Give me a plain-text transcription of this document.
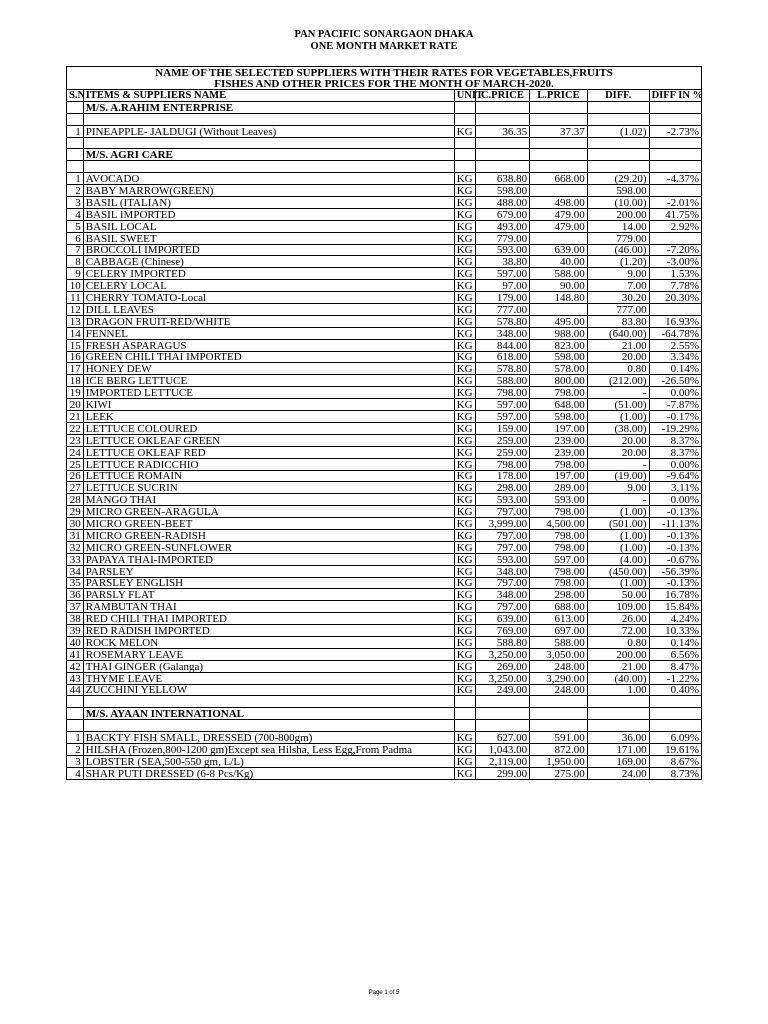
PAN PACIFIC SONARGAON DHAKA
ONE MONTH MARKET RATE
NAME OF THE SELECTED SUPPLIERS WITH THEIR RATES FOR VEGETABLES,FRUITS						
FISHES AND OTHER PRICES FOR THE MONTH OF MARCH-2020.						
S.N	ITEMS & SUPPLIERS NAME	UNIT	C.PRICE	L.PRICE	DIFF.	DIFF IN %
	M/S. A.RAHIM ENTERPRISE					

1	PINEAPPLE- JALDUGI (Without Leaves)	KG	36.35	37.37	(1.02)	-2.73%

	M/S. AGRI CARE					

1	AVOCADO	KG	638.80	668.00	(29.20)	-4.37%
2	BABY MARROW(GREEN)	KG	598.00		598.00	
3	BASIL (ITALIAN)	KG	488.00	498.00	(10.00)	-2.01%
4	BASIL IMPORTED	KG	679.00	479.00	200.00	41.75%
5	BASIL LOCAL	KG	493.00	479.00	14.00	2.92%
6	BASIL SWEET	KG	779.00		779.00	
7	BROCCOLI IMPORTED	KG	593.00	639.00	(46.00)	-7.20%
8	CABBAGE (Chinese)	KG	38.80	40.00	(1.20)	-3.00%
9	CELERY IMPORTED	KG	597.00	588.00	9.00	1.53%
10	CELERY LOCAL	KG	97.00	90.00	7.00	7.78%
11	CHERRY TOMATO-Local	KG	179.00	148.80	30.20	20.30%
12	DILL LEAVES	KG	777.00		777.00	
13	DRAGON FRUIT-RED/WHITE	KG	578.80	495.00	83.80	16.93%
14	FENNEL	KG	348.00	988.00	(640.00)	-64.78%
15	FRESH ASPARAGUS	KG	844.00	823.00	21.00	2.55%
16	GREEN CHILI THAI IMPORTED	KG	618.00	598.00	20.00	3.34%
17	HONEY DEW	KG	578.80	578.00	0.80	0.14%
18	ICE BERG LETTUCE	KG	588.00	800.00	(212.00)	-26.50%
19	IMPORTED LETTUCE	KG	798.00	798.00	-	0.00%
20	KIWI	KG	597.00	648.00	(51.00)	-7.87%
21	LEEK	KG	597.00	598.00	(1.00)	-0.17%
22	LETTUCE COLOURED	KG	159.00	197.00	(38.00)	-19.29%
23	LETTUCE OKLEAF GREEN	KG	259.00	239.00	20.00	8.37%
24	LETTUCE OKLEAF RED	KG	259.00	239.00	20.00	8.37%
25	LETTUCE RADICCHIO	KG	798.00	798.00	-	0.00%
26	LETTUCE ROMAIN	KG	178.00	197.00	(19.00)	-9.64%
27	LETTUCE SUCRIN	KG	298.00	289.00	9.00	3.11%
28	MANGO THAI	KG	593.00	593.00	-	0.00%
29	MICRO GREEN-ARAGULA	KG	797.00	798.00	(1.00)	-0.13%
30	MICRO GREEN-BEET	KG	3,999.00	4,500.00	(501.00)	-11.13%
31	MICRO GREEN-RADISH	KG	797.00	798.00	(1.00)	-0.13%
32	MICRO GREEN-SUNFLOWER	KG	797.00	798.00	(1.00)	-0.13%
33	PAPAYA THAI-IMPORTED	KG	593.00	597.00	(4.00)	-0.67%
34	PARSLEY	KG	348.00	798.00	(450.00)	-56.39%
35	PARSLEY ENGLISH	KG	797.00	798.00	(1.00)	-0.13%
36	PARSLY FLAT	KG	348.00	298.00	50.00	16.78%
37	RAMBUTAN THAI	KG	797.00	688.00	109.00	15.84%
38	RED CHILI THAI IMPORTED	KG	639.00	613.00	26.00	4.24%
39	RED RADISH IMPORTED	KG	769.00	697.00	72.00	10.33%
40	ROCK MELON	KG	588.80	588.00	0.80	0.14%
41	ROSEMARY LEAVE	KG	3,250.00	3,050.00	200.00	6.56%
42	THAI GINGER (Galanga)	KG	269.00	248.00	21.00	8.47%
43	THYME LEAVE	KG	3,250.00	3,290.00	(40.00)	-1.22%
44	ZUCCHINI YELLOW	KG	249.00	248.00	1.00	0.40%

	M/S. AYAAN INTERNATIONAL					

1	BACKTY FISH SMALL, DRESSED (700-800gm)	KG	627.00	591.00	36.00	6.09%
2	HILSHA (Frozen,800-1200 gm)Except sea Hilsha, Less Egg,From Padma	KG	1,043.00	872.00	171.00	19.61%
3	LOBSTER (SEA,500-550 gm, L/L)	KG	2,119.00	1,950.00	169.00	8.67%
4	SHAR PUTI DRESSED (6-8 Pcs/Kg)	KG	299.00	275.00	24.00	8.73%
Page 1 of 5
